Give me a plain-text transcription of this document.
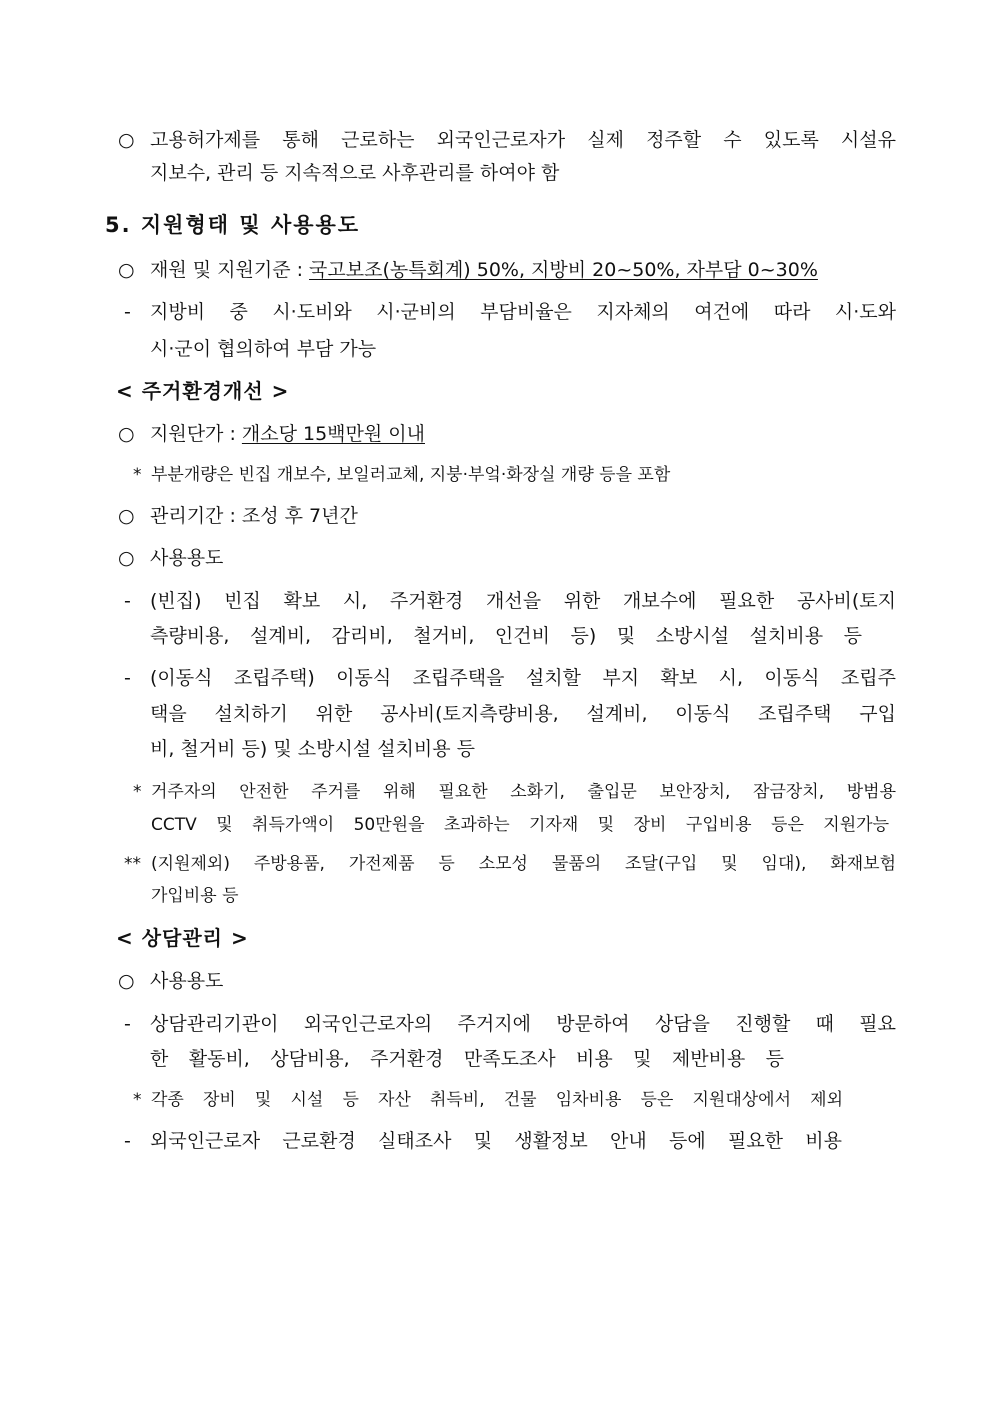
○ 고용허가제를 통해 근로하는 외국인근로자가 실제 정주할 수 있도록 시설유
지보수, 관리 등 지속적으로 사후관리를 하여야 함
5. 지원형태 및 사용용도
○ 재원 및 지원기준 : 국고보조(농특회계) 50%, 지방비 20~50%, 자부담 0~30%
- 지방비 중 시·도비와 시·군비의 부담비율은 지자체의 여건에 따라 시·도와
시·군이 협의하여 부담 가능
< 주거환경개선 >
○ 지원단가 : 개소당 15백만원 이내
* 부분개량은 빈집 개보수, 보일러교체, 지붕·부엌·화장실 개량 등을 포함
○ 관리기간 : 조성 후 7년간
○ 사용용도
- (빈집) 빈집 확보 시, 주거환경 개선을 위한 개보수에 필요한 공사비(토지
측량비용, 설계비, 감리비, 철거비, 인건비 등) 및 소방시설 설치비용 등
- (이동식 조립주택) 이동식 조립주택을 설치할 부지 확보 시, 이동식 조립주
택을 설치하기 위한 공사비(토지측량비용, 설계비, 이동식 조립주택 구입
비, 철거비 등) 및 소방시설 설치비용 등
* 거주자의 안전한 주거를 위해 필요한 소화기, 출입문 보안장치, 잠금장치, 방범용
CCTV 및 취득가액이 50만원을 초과하는 기자재 및 장비 구입비용 등은 지원가능
** (지원제외) 주방용품, 가전제품 등 소모성 물품의 조달(구입 및 임대), 화재보험
가입비용 등
< 상담관리 >
○ 사용용도
- 상담관리기관이 외국인근로자의 주거지에 방문하여 상담을 진행할 때 필요
한 활동비, 상담비용, 주거환경 만족도조사 비용 및 제반비용 등
* 각종 장비 및 시설 등 자산 취득비, 건물 임차비용 등은 지원대상에서 제외
- 외국인근로자 근로환경 실태조사 및 생활정보 안내 등에 필요한 비용
